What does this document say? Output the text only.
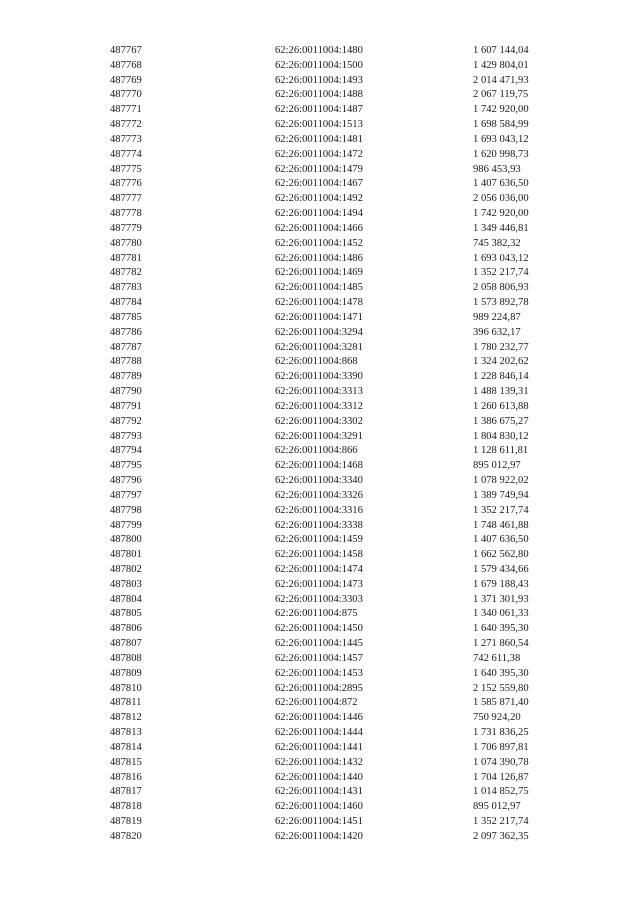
487767	62:26:0011004:1480	1 607 144,04
487768	62:26:0011004:1500	1 429 804,01
487769	62:26:0011004:1493	2 014 471,93
487770	62:26:0011004:1488	2 067 119,75
487771	62:26:0011004:1487	1 742 920,00
487772	62:26:0011004:1513	1 698 584,99
487773	62:26:0011004:1481	1 693 043,12
487774	62:26:0011004:1472	1 620 998,73
487775	62:26:0011004:1479	986 453,93
487776	62:26:0011004:1467	1 407 636,50
487777	62:26:0011004:1492	2 056 036,00
487778	62:26:0011004:1494	1 742 920,00
487779	62:26:0011004:1466	1 349 446,81
487780	62:26:0011004:1452	745 382,32
487781	62:26:0011004:1486	1 693 043,12
487782	62:26:0011004:1469	1 352 217,74
487783	62:26:0011004:1485	2 058 806,93
487784	62:26:0011004:1478	1 573 892,78
487785	62:26:0011004:1471	989 224,87
487786	62:26:0011004:3294	396 632,17
487787	62:26:0011004:3281	1 780 232,77
487788	62:26:0011004:868	1 324 202,62
487789	62:26:0011004:3390	1 228 846,14
487790	62:26:0011004:3313	1 488 139,31
487791	62:26:0011004:3312	1 260 613,88
487792	62:26:0011004:3302	1 386 675,27
487793	62:26:0011004:3291	1 804 830,12
487794	62:26:0011004:866	1 128 611,81
487795	62:26:0011004:1468	895 012,97
487796	62:26:0011004:3340	1 078 922,02
487797	62:26:0011004:3326	1 389 749,94
487798	62:26:0011004:3316	1 352 217,74
487799	62:26:0011004:3338	1 748 461,88
487800	62:26:0011004:1459	1 407 636,50
487801	62:26:0011004:1458	1 662 562,80
487802	62:26:0011004:1474	1 579 434,66
487803	62:26:0011004:1473	1 679 188,43
487804	62:26:0011004:3303	1 371 301,93
487805	62:26:0011004:875	1 340 061,33
487806	62:26:0011004:1450	1 640 395,30
487807	62:26:0011004:1445	1 271 860,54
487808	62:26:0011004:1457	742 611,38
487809	62:26:0011004:1453	1 640 395,30
487810	62:26:0011004:2895	2 152 559,80
487811	62:26:0011004:872	1 585 871,40
487812	62:26:0011004:1446	750 924,20
487813	62:26:0011004:1444	1 731 836,25
487814	62:26:0011004:1441	1 706 897,81
487815	62:26:0011004:1432	1 074 390,78
487816	62:26:0011004:1440	1 704 126,87
487817	62:26:0011004:1431	1 014 852,75
487818	62:26:0011004:1460	895 012,97
487819	62:26:0011004:1451	1 352 217,74
487820	62:26:0011004:1420	2 097 362,35
